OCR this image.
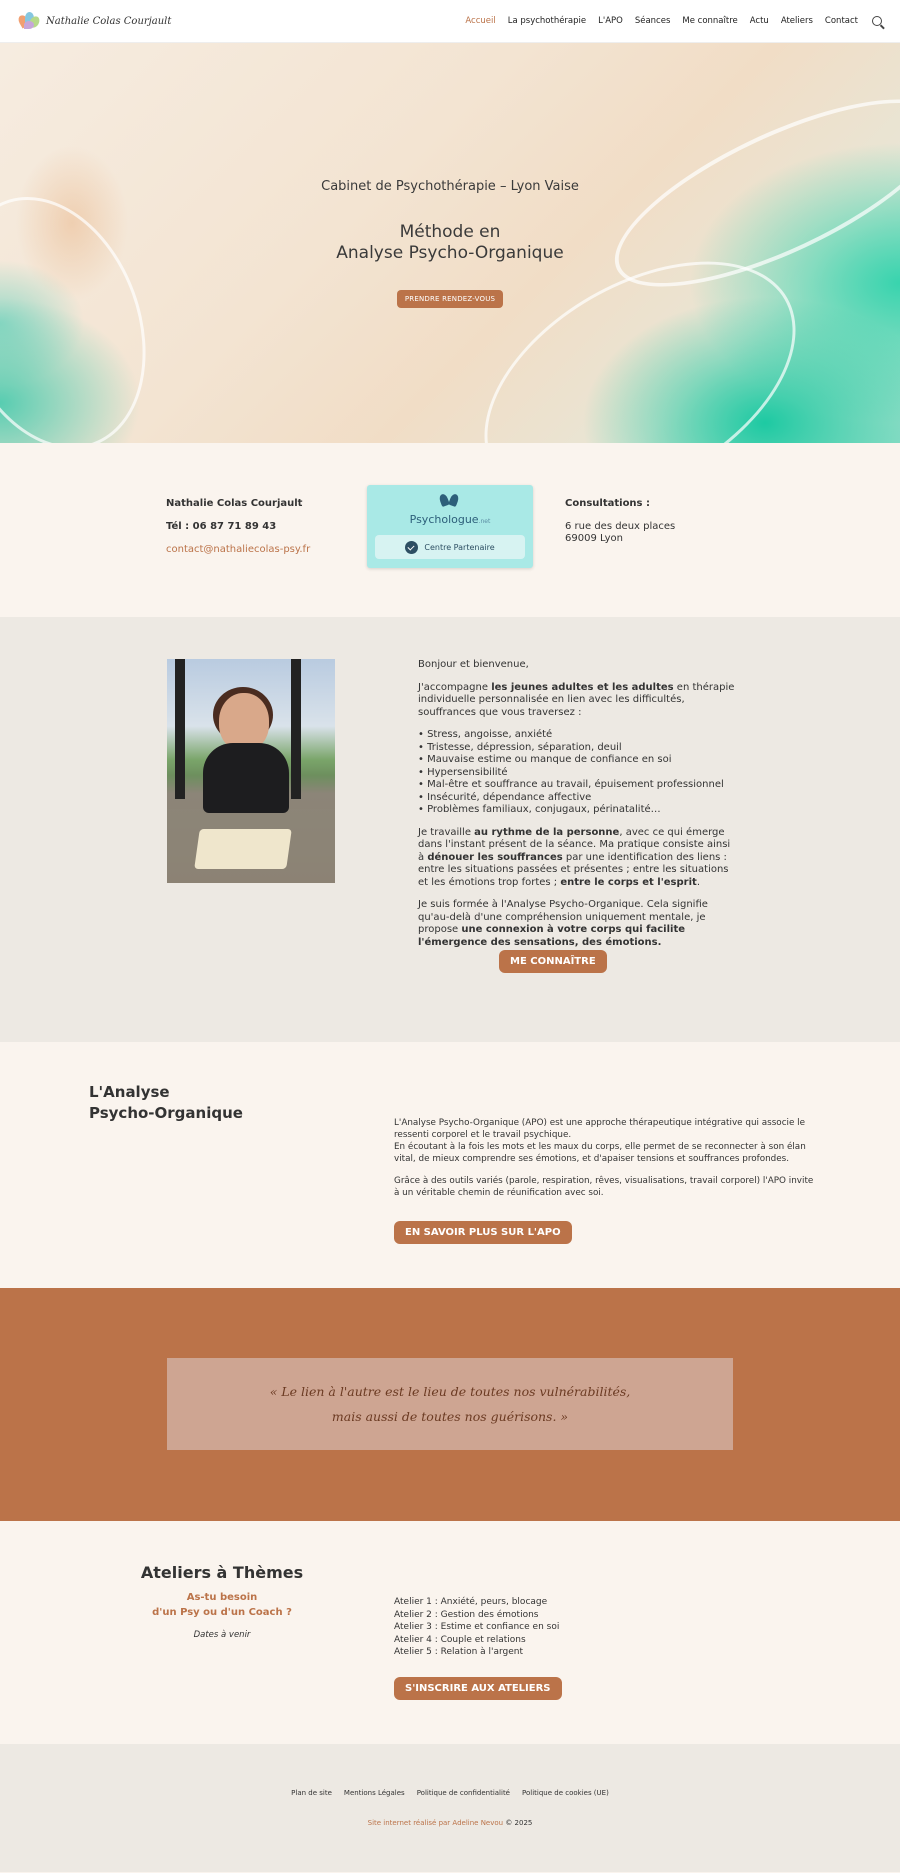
Nathalie Colas Courjault	Accueil La psychothérapie L'APO Séances Me connaître Actu Ateliers Contact
Cabinet de Psychothérapie – Lyon Vaise
Méthode en
Analyse Psycho-Organique
PRENDRE RENDEZ-VOUS
Nathalie Colas Courjault
Tél : 06 87 71 89 43
contact@nathaliecolas-psy.fr
Psychologue.net
Centre Partenaire
Consultations :
6 rue des deux places
69009 Lyon

Bonjour et bienvenue,

J'accompagne les jeunes adultes et les adultes en thérapie individuelle personnalisée en lien avec les difficultés, souffrances que vous traversez :

• Stress, angoisse, anxiété
• Tristesse, dépression, séparation, deuil
• Mauvaise estime ou manque de confiance en soi
• Hypersensibilité
• Mal-être et souffrance au travail, épuisement professionnel
• Insécurité, dépendance affective
• Problèmes familiaux, conjugaux, périnatalité…

Je travaille au rythme de la personne, avec ce qui émerge dans l'instant présent de la séance. Ma pratique consiste ainsi à dénouer les souffrances par une identification des liens : entre les situations passées et présentes ; entre les situations et les émotions trop fortes ; entre le corps et l'esprit.

Je suis formée à l'Analyse Psycho-Organique. Cela signifie qu'au-delà d'une compréhension uniquement mentale, je propose une connexion à votre corps qui facilite l'émergence des sensations, des émotions.

ME CONNAÎTRE
L'Analyse
Psycho-Organique

L'Analyse Psycho-Organique (APO) est une approche thérapeutique intégrative qui associe le ressenti corporel et le travail psychique.
En écoutant à la fois les mots et les maux du corps, elle permet de se reconnecter à son élan vital, de mieux comprendre ses émotions, et d'apaiser tensions et souffrances profondes.

Grâce à des outils variés (parole, respiration, rêves, visualisations, travail corporel) l'APO invite à un véritable chemin de réunification avec soi.

EN SAVOIR PLUS SUR L'APO
« Le lien à l'autre est le lieu de toutes nos vulnérabilités,
mais aussi de toutes nos guérisons. »
Ateliers à Thèmes
As-tu besoin
d'un Psy ou d'un Coach ?
Dates à venir
Atelier 1 : Anxiété, peurs, blocage
Atelier 2 : Gestion des émotions
Atelier 3 : Estime et confiance en soi
Atelier 4 : Couple et relations
Atelier 5 : Relation à l'argent
S'INSCRIRE AUX ATELIERS
Plan de site Mentions Légales Politique de confidentialité Politique de cookies (UE)
Site internet réalisé par Adeline Nevou © 2025
